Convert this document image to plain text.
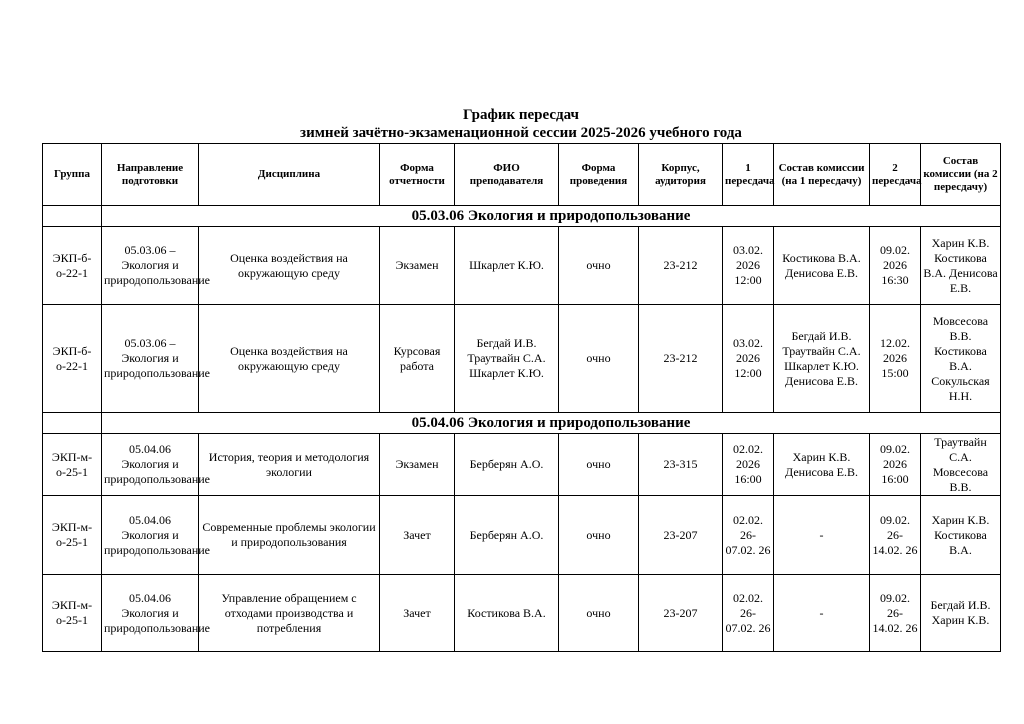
График пересдач
зимней зачётно-экзаменационной сессии 2025-2026 учебного года
Группа	Направление подготовки	Дисциплина	Форма отчетности	ФИО преподавателя	Форма проведения	Корпус, аудитория	1 пересдача	Состав комиссии (на 1 пересдачу)	2 пересдача	Состав комиссии (на 2 пересдачу)
	05.03.06 Экология и природопользование									
ЭКП-б-о-22-1	05.03.06 – Экология и природопользование	Оценка воздействия на окружающую среду	Экзамен	Шкарлет К.Ю.	очно	23-212	03.02. 2026 12:00	Костикова В.А. Денисова Е.В.	09.02. 2026 16:30	Харин К.В. Костикова В.А. Денисова Е.В.
ЭКП-б-о-22-1	05.03.06 – Экология и природопользование	Оценка воздействия на окружающую среду	Курсовая работа	Бегдай И.В. Траутвайн С.А. Шкарлет К.Ю.	очно	23-212	03.02. 2026 12:00	Бегдай И.В. Траутвайн С.А. Шкарлет К.Ю. Денисова Е.В.	12.02. 2026 15:00	Мовсесова В.В. Костикова В.А. Сокульская Н.Н.
	05.04.06 Экология и природопользование									
ЭКП-м-о-25-1	05.04.06 Экология и природопользование	История, теория и методология экологии	Экзамен	Берберян А.О.	очно	23-315	02.02. 2026 16:00	Харин К.В. Денисова Е.В.	09.02. 2026 16:00	Траутвайн С.А. Мовсесова В.В.
ЭКП-м-о-25-1	05.04.06 Экология и природопользование	Современные проблемы экологии и природопользования	Зачет	Берберян А.О.	очно	23-207	02.02. 26- 07.02. 26	-	09.02. 26- 14.02. 26	Харин К.В. Костикова В.А.
ЭКП-м-о-25-1	05.04.06 Экология и природопользование	Управление обращением с отходами производства и потребления	Зачет	Костикова В.А.	очно	23-207	02.02. 26- 07.02. 26	-	09.02. 26- 14.02. 26	Бегдай И.В. Харин К.В.
